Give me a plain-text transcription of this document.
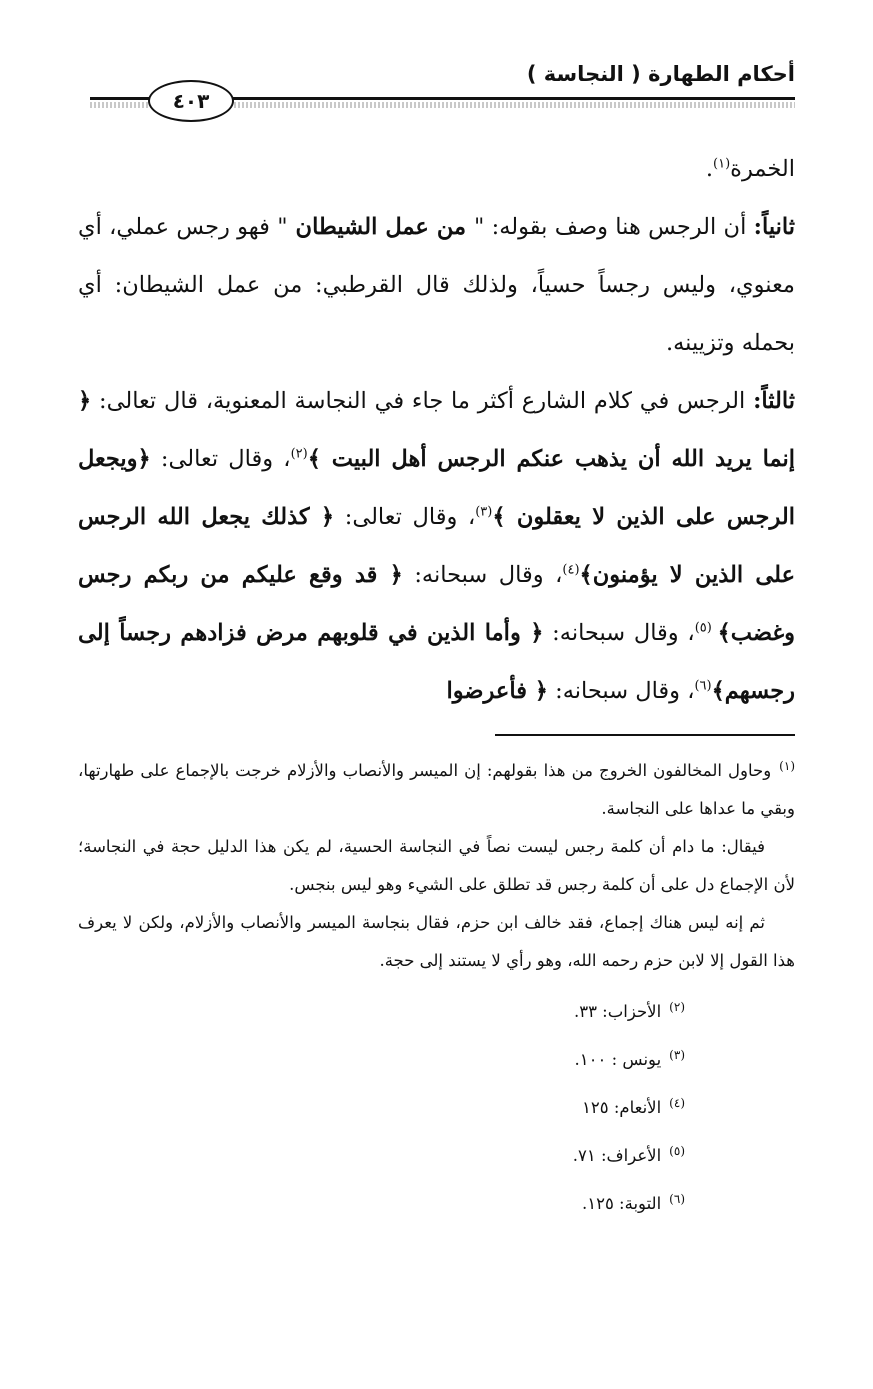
أحكام الطهارة ( النجاسة )
٤٠٣

الخمرة$^{(١)}$.

ثانياً: أن الرجس هنا وصف بقوله: " من عمل الشيطان " فهو رجس عملي، أي معنوي، وليس رجساً حسياً، ولذلك قال القرطبي: من عمل الشيطان: أي بحمله وتزيينه.

ثالثاً: الرجس في كلام الشارع أكثر ما جاء في النجاسة المعنوية، قال تعالى: ﴿ إنما يريد الله أن يذهب عنكم الرجس أهل البيت ﴾$^{(٢)}$، وقال تعالى: ﴿ويجعل الرجس على الذين لا يعقلون ﴾$^{(٣)}$، وقال تعالى: ﴿ كذلك يجعل الله الرجس على الذين لا يؤمنون﴾$^{(٤)}$، وقال سبحانه: ﴿ قد وقع عليكم من ربكم رجس وغضب﴾ $^{(٥)}$، وقال سبحانه: ﴿ وأما الذين في قلوبهم مرض فزادهم رجساً إلى رجسهم﴾$^{(٦)}$، وقال سبحانه: ﴿ فأعرضوا

$^{(١)}$وحاول المخالفون الخروج من هذا بقولهم: إن الميسر والأنصاب والأزلام خرجت بالإجماع على طهارتها، وبقي ما عداها على النجاسة.

فيقال: ما دام أن كلمة رجس ليست نصاً في النجاسة الحسية، لم يكن هذا الدليل حجة في النجاسة؛ لأن الإجماع دل على أن كلمة رجس قد تطلق على الشيء وهو ليس بنجس.

ثم إنه ليس هناك إجماع، فقد خالف ابن حزم، فقال بنجاسة الميسر والأنصاب والأزلام، ولكن لا يعرف هذا القول إلا لابن حزم رحمه الله، وهو رأي لا يستند إلى حجة.

$^{(٢)}$الأحزاب: ٣٣.
$^{(٣)}$يونس : ١٠٠.
$^{(٤)}$الأنعام: ١٢٥
$^{(٥)}$الأعراف: ٧١.
$^{(٦)}$التوبة: ١٢٥.
